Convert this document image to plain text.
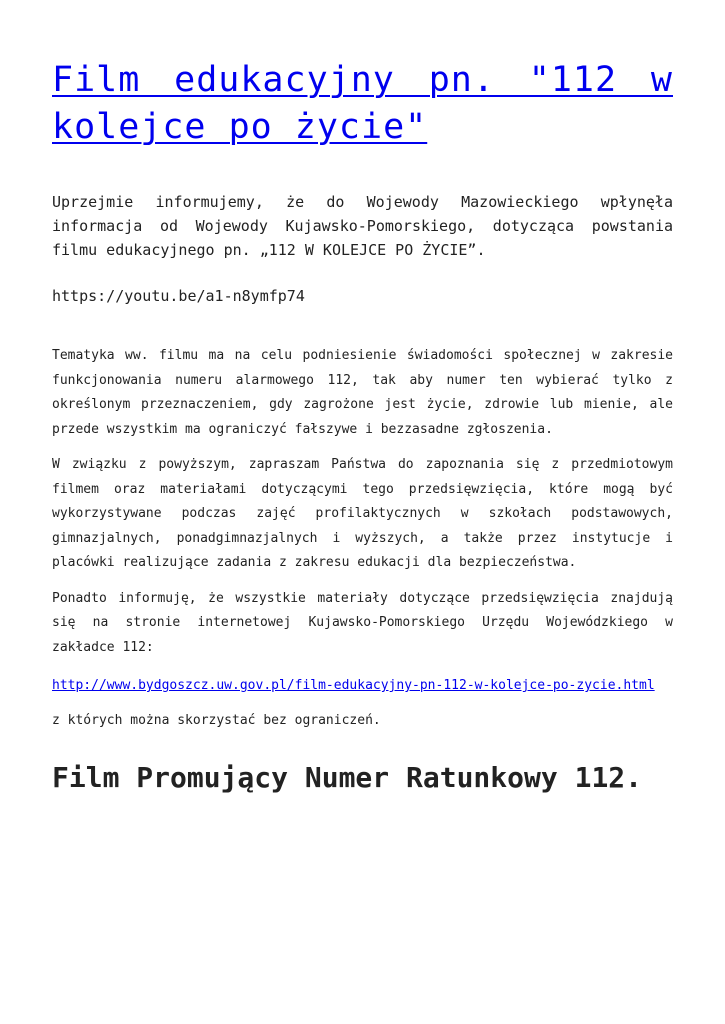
Film edukacyjny pn. "112 w kolejce po życie"

Uprzejmie informujemy, że do Wojewody Mazowieckiego wpłynęła informacja od Wojewody Kujawsko-Pomorskiego, dotycząca powstania filmu edukacyjnego pn. „112 W KOLEJCE PO ŻYCIE”.

https://youtu.be/a1-n8ymfp74

Tematyka ww. filmu ma na celu podniesienie świadomości społecznej w zakresie funkcjonowania numeru alarmowego 112, tak aby numer ten wybierać tylko z określonym przeznaczeniem, gdy zagrożone jest życie, zdrowie lub mienie, ale przede wszystkim ma ograniczyć fałszywe i bezzasadne zgłoszenia.

W związku z powyższym, zapraszam Państwa do zapoznania się z przedmiotowym filmem oraz materiałami dotyczącymi tego przedsięwzięcia, które mogą być wykorzystywane podczas zajęć profilaktycznych w szkołach podstawowych, gimnazjalnych, ponadgimnazjalnych i wyższych, a także przez instytucje i placówki realizujące zadania z zakresu edukacji dla bezpieczeństwa.

Ponadto informuję, że wszystkie materiały dotyczące przedsięwzięcia znajdują się na stronie internetowej Kujawsko-Pomorskiego Urzędu Wojewódzkiego w zakładce 112:

http://www.bydgoszcz.uw.gov.pl/film-edukacyjny-pn-112-w-kolejce-po-zycie.html

z których można skorzystać bez ograniczeń.

Film Promujący Numer Ratunkowy 112.
